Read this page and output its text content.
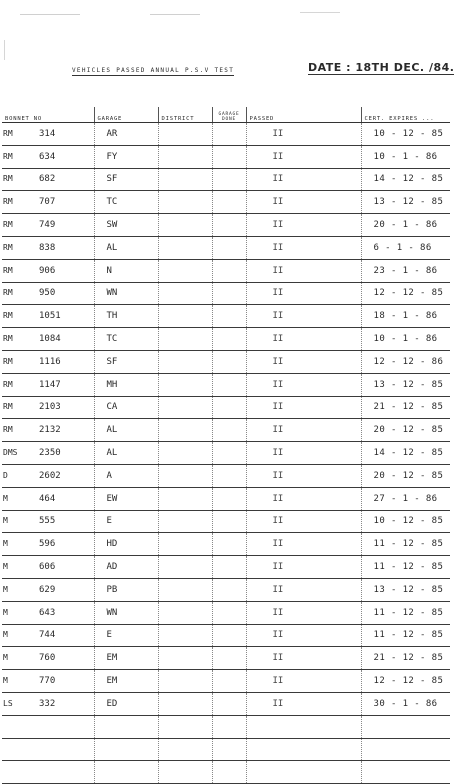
VEHICLES PASSED ANNUAL P.S.V TEST	DATE : 18TH DEC. /84.
BONNET NO	GARAGE	DISTRICT	GARAGE DONE	PASSED	CERT. EXPIRES ...
RM 314	AR			II	10 - 12 - 85
RM 634	FY			II	10 - 1 - 86
RM 682	SF			II	14 - 12 - 85
RM 707	TC			II	13 - 12 - 85
RM 749	SW			II	20 - 1 - 86
RM 838	AL			II	6 - 1 - 86
RM 906	N			II	23 - 1 - 86
RM 950	WN			II	12 - 12 - 85
RM 1051	TH			II	18 - 1 - 86
RM 1084	TC			II	10 - 1 - 86
RM 1116	SF			II	12 - 12 - 86
RM 1147	MH			II	13 - 12 - 85
RM 2103	CA			II	21 - 12 - 85
RM 2132	AL			II	20 - 12 - 85
DMS 2350	AL			II	14 - 12 - 85
D 2602	A			II	20 - 12 - 85
M 464	EW			II	27 - 1 - 86
M 555	E			II	10 - 12 - 85
M 596	HD			II	11 - 12 - 85
M 606	AD			II	11 - 12 - 85
M 629	PB			II	13 - 12 - 85
M 643	WN			II	11 - 12 - 85
M 744	E			II	11 - 12 - 85
M 760	EM			II	21 - 12 - 85
M 770	EM			II	12 - 12 - 85
LS 332	ED			II	30 - 1 - 86
